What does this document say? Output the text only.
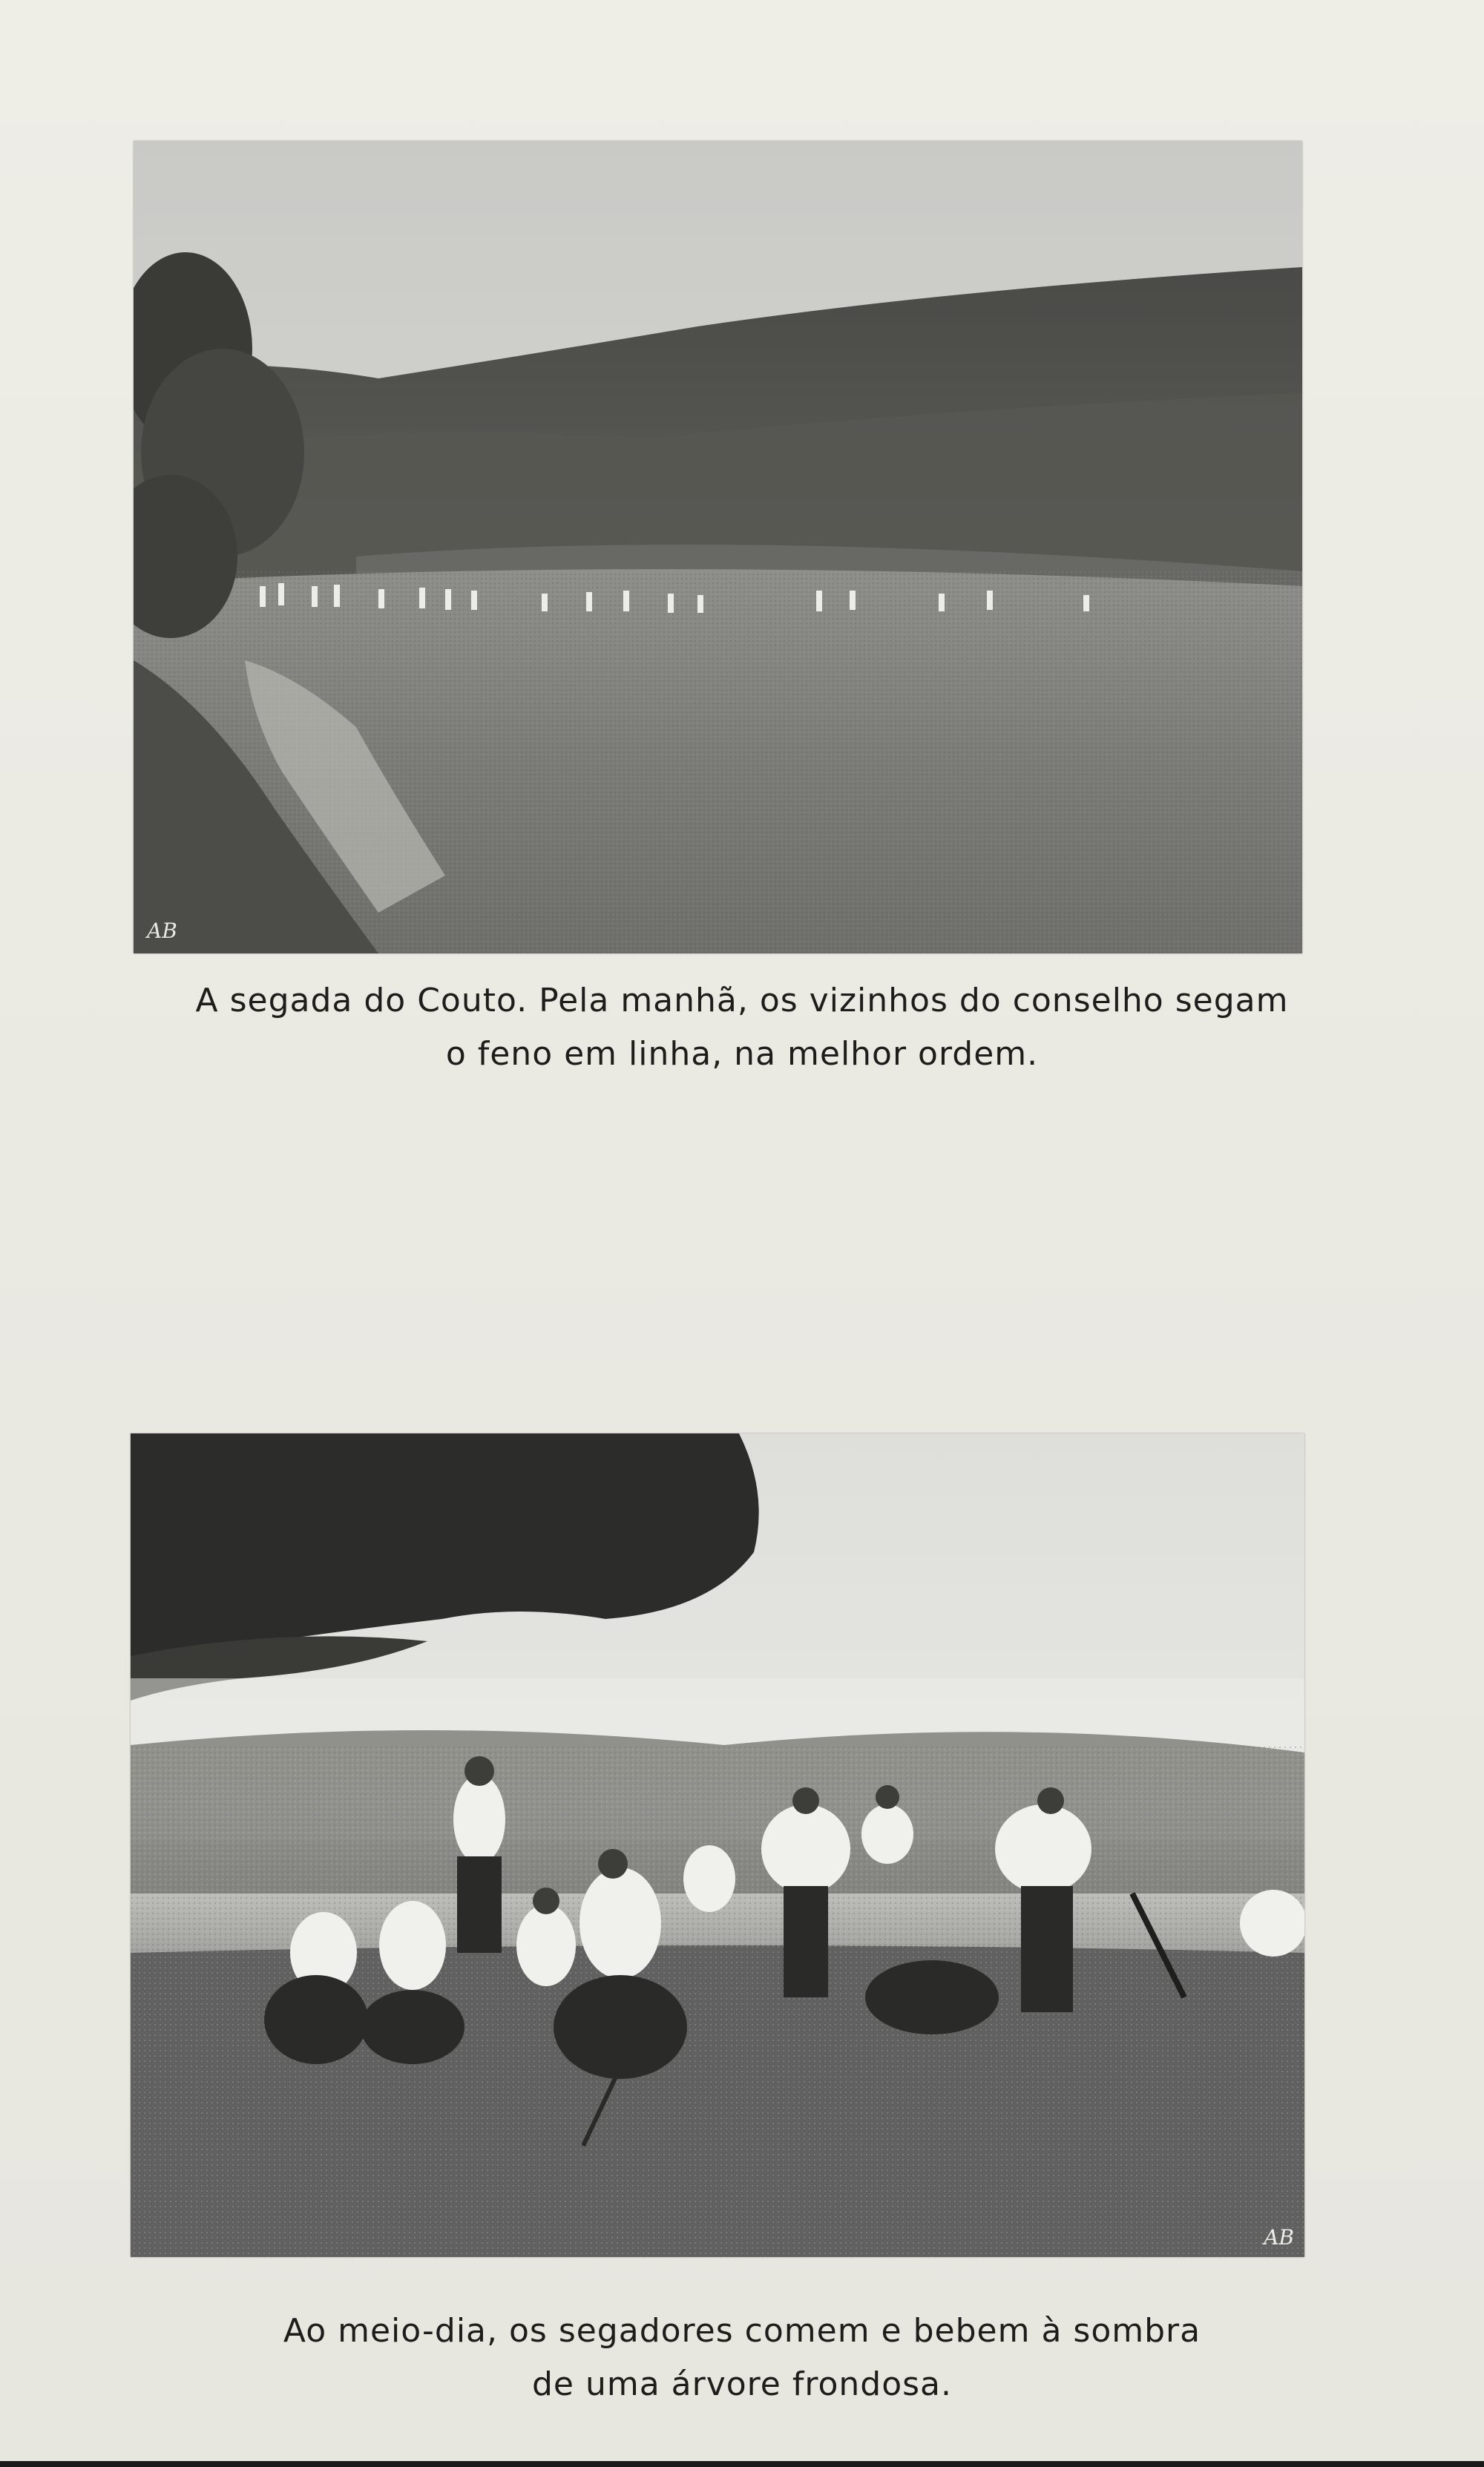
AB
A segada do Couto. Pela manhã, os vizinhos do conselho segam
o feno em linha, na melhor ordem.
AB
Ao meio-dia, os segadores comem e bebem à sombra
de uma árvore frondosa.
